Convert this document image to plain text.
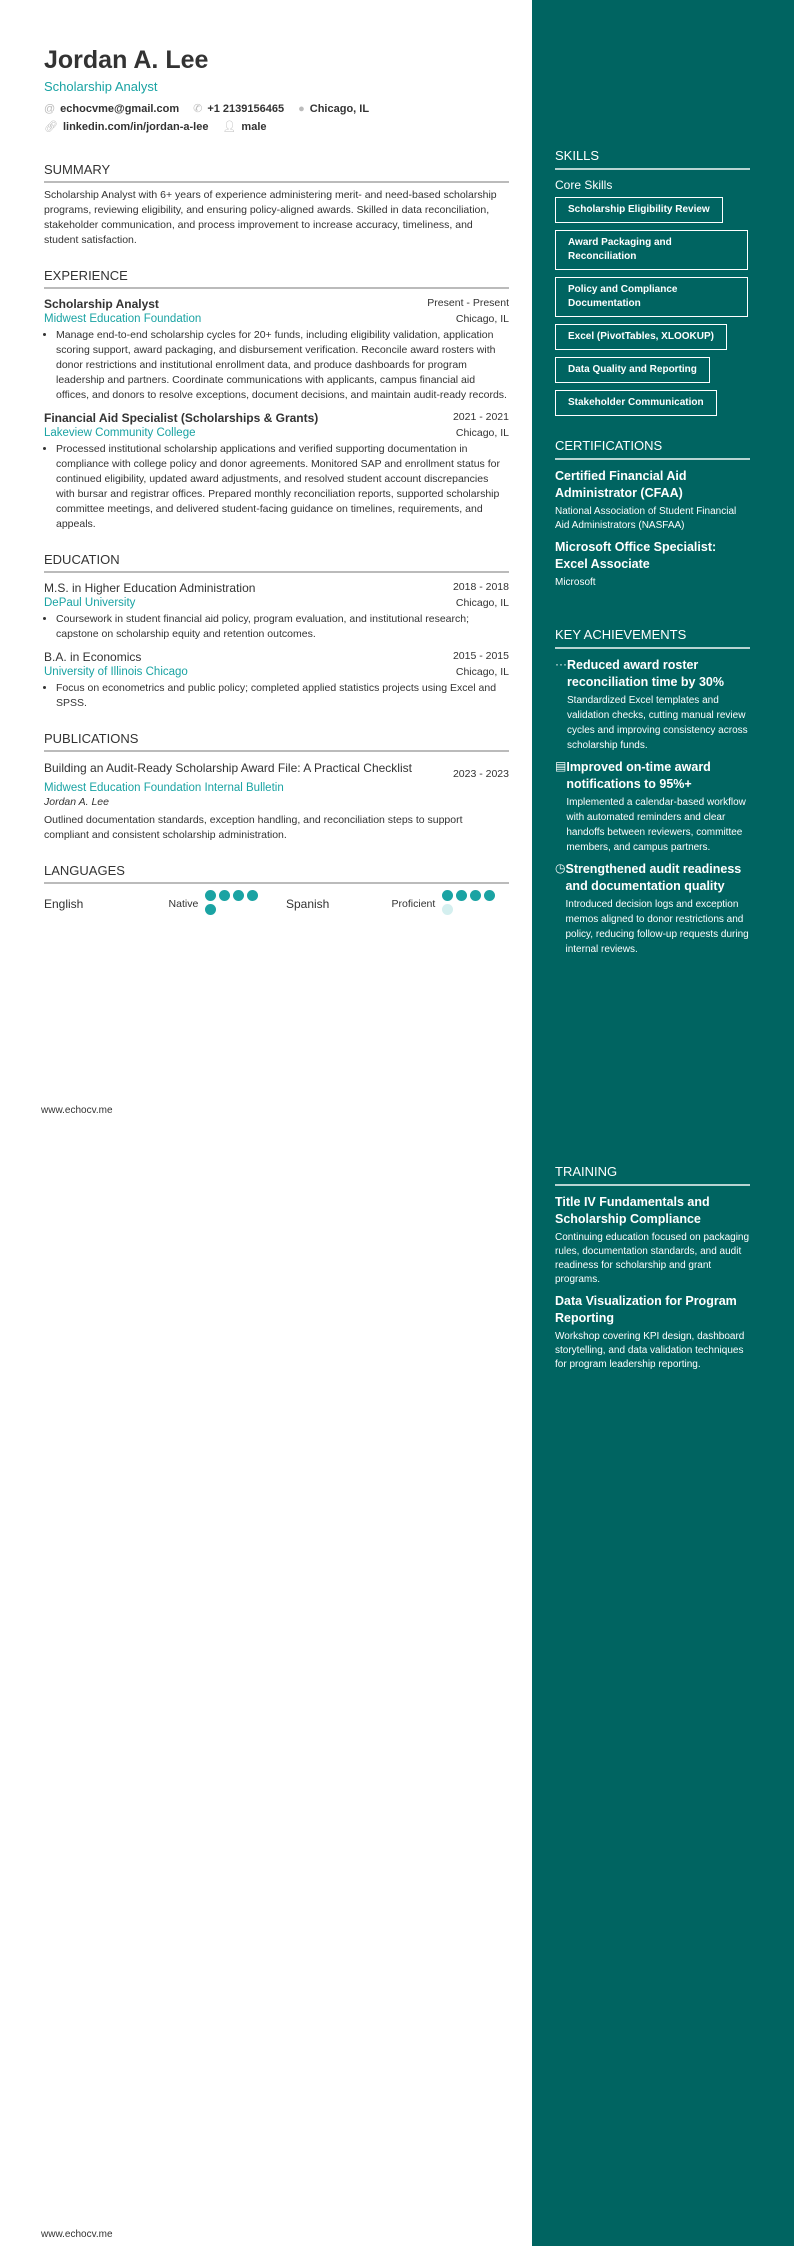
Jordan A. Lee
Scholarship Analyst
@ echocvme@gmail.com ✆ +1 2139156465 ● Chicago, IL
🔗︎ linkedin.com/in/jordan-a-lee 👤︎ male
SUMMARY
Scholarship Analyst with 6+ years of experience administering merit- and need-based scholarship programs, reviewing eligibility, and ensuring policy-aligned awards. Skilled in data reconciliation, stakeholder communication, and process improvement to increase accuracy, timeliness, and student satisfaction.
EXPERIENCE
Scholarship Analyst	Present - Present
Midwest Education Foundation	Chicago, IL
• Manage end-to-end scholarship cycles for 20+ funds, including eligibility validation, application scoring support, award packaging, and disbursement verification. Reconcile award rosters with donor restrictions and institutional enrollment data, and produce dashboards for program leadership and partners. Coordinate communications with applicants, campus financial aid offices, and donors to resolve exceptions, document decisions, and maintain audit-ready records.
Financial Aid Specialist (Scholarships & Grants)	2021 - 2021
Lakeview Community College	Chicago, IL
• Processed institutional scholarship applications and verified supporting documentation in compliance with college policy and donor agreements. Monitored SAP and enrollment status for continued eligibility, updated award adjustments, and resolved student account discrepancies with bursar and registrar offices. Prepared monthly reconciliation reports, supported scholarship committee meetings, and delivered student-facing guidance on timelines, requirements, and appeals.
EDUCATION
M.S. in Higher Education Administration	2018 - 2018
DePaul University	Chicago, IL
• Coursework in student financial aid policy, program evaluation, and institutional research; capstone on scholarship equity and retention outcomes.
B.A. in Economics	2015 - 2015
University of Illinois Chicago	Chicago, IL
• Focus on econometrics and public policy; completed applied statistics projects using Excel and SPSS.
PUBLICATIONS
Building an Audit-Ready Scholarship Award File: A Practical Checklist	2023 - 2023
Midwest Education Foundation Internal Bulletin
Jordan A. Lee
Outlined documentation standards, exception handling, and reconciliation steps to support compliant and consistent scholarship administration.
LANGUAGES
English	Native	Spanish	Proficient
www.echocv.me
www.echocv.me
SKILLS
Core Skills
Scholarship Eligibility Review Award Packaging and Reconciliation Policy and Compliance Documentation Excel (PivotTables, XLOOKUP) Data Quality and Reporting Stakeholder Communication
CERTIFICATIONS
Certified Financial Aid Administrator (CFAA)
National Association of Student Financial Aid Administrators (NASFAA)
Microsoft Office Specialist: Excel Associate
Microsoft
KEY ACHIEVEMENTS
··· Reduced award roster reconciliation time by 30%
Standardized Excel templates and validation checks, cutting manual review cycles and improving consistency across scholarship funds.
▤ Improved on-time award notifications to 95%+
Implemented a calendar-based workflow with automated reminders and clear handoffs between reviewers, committee members, and campus partners.
◷ Strengthened audit readiness and documentation quality
Introduced decision logs and exception memos aligned to donor restrictions and policy, reducing follow-up requests during internal reviews.
TRAINING
Title IV Fundamentals and Scholarship Compliance
Continuing education focused on packaging rules, documentation standards, and audit readiness for scholarship and grant programs.
Data Visualization for Program Reporting
Workshop covering KPI design, dashboard storytelling, and data validation techniques for program leadership reporting.
